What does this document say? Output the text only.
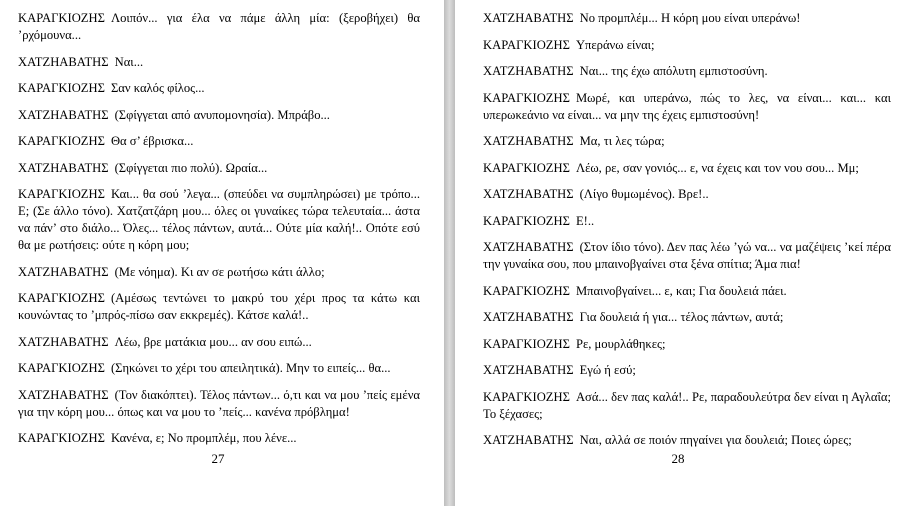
ΚΑΡΑΓΚΙΟΖΗΣ Λοιπόν... για έλα να πάμε άλλη μία: (ξεροβήχει) θα ’ρχόμουνα...

ΧΑΤΖΗΑΒΑΤΗΣ Ναι...

ΚΑΡΑΓΚΙΟΖΗΣ Σαν καλός φίλος...

ΧΑΤΖΗΑΒΑΤΗΣ (Σφίγγεται από ανυπομονησία). Μπράβο...

ΚΑΡΑΓΚΙΟΖΗΣ Θα σ’ έβρισκα...

ΧΑΤΖΗΑΒΑΤΗΣ (Σφίγγεται πιο πολύ). Ωραία...

ΚΑΡΑΓΚΙΟΖΗΣ Και... θα σού ’λεγα... (σπεύδει να συμπληρώσει) με τρόπο... Ε; (Σε άλλο τόνο). Χατζατζάρη μου... όλες οι γυναίκες τώρα τελευταία... άστα να πάν’ στο διάλο... Όλες... τέλος πάντων, αυτά... Ούτε μία καλή!.. Οπότε εσύ θα με ρωτήσεις: ούτε η κόρη μου;

ΧΑΤΖΗΑΒΑΤΗΣ (Με νόημα). Κι αν σε ρωτήσω κάτι άλλο;

ΚΑΡΑΓΚΙΟΖΗΣ (Αμέσως τεντώνει το μακρύ του χέρι προς τα κάτω και κουνώντας το ’μπρός-πίσω σαν εκκρεμές). Κάτσε καλά!..

ΧΑΤΖΗΑΒΑΤΗΣ Λέω, βρε ματάκια μου... αν σου ειπώ...

ΚΑΡΑΓΚΙΟΖΗΣ (Σηκώνει το χέρι του απειλητικά). Μην το ειπείς... θα...

ΧΑΤΖΗΑΒΑΤΗΣ (Τον διακόπτει). Τέλος πάντων... ό,τι και να μου ’πείς εμένα για την κόρη μου... όπως και να μου το ’πείς... κανένα πρόβλημα!

ΚΑΡΑΓΚΙΟΖΗΣ Κανένα, ε; Νο προμπλέμ, που λένε...

27

ΧΑΤΖΗΑΒΑΤΗΣ Νο προμπλέμ... Η κόρη μου είναι υπεράνω!

ΚΑΡΑΓΚΙΟΖΗΣ Υπεράνω είναι;

ΧΑΤΖΗΑΒΑΤΗΣ Ναι... της έχω απόλυτη εμπιστοσύνη.

ΚΑΡΑΓΚΙΟΖΗΣ Μωρέ, και υπεράνω, πώς το λες, να είναι... και... και υπερωκεάνιο να είναι... να μην της έχεις εμπιστοσύνη!

ΧΑΤΖΗΑΒΑΤΗΣ Μα, τι λες τώρα;

ΚΑΡΑΓΚΙΟΖΗΣ Λέω, ρε, σαν γονιός... ε, να έχεις και τον νου σου... Μμ;

ΧΑΤΖΗΑΒΑΤΗΣ (Λίγο θυμωμένος). Βρε!..

ΚΑΡΑΓΚΙΟΖΗΣ Ε!..

ΧΑΤΖΗΑΒΑΤΗΣ (Στον ίδιο τόνο). Δεν πας λέω ’γώ να... να μαζέψεις ’κεί πέρα την γυναίκα σου, που μπαινοβγαίνει στα ξένα σπίτια; Άμα πια!

ΚΑΡΑΓΚΙΟΖΗΣ Μπαινοβγαίνει... ε, και; Για δουλειά πάει.

ΧΑΤΖΗΑΒΑΤΗΣ Για δουλειά ή για... τέλος πάντων, αυτά;

ΚΑΡΑΓΚΙΟΖΗΣ Ρε, μουρλάθηκες;

ΧΑΤΖΗΑΒΑΤΗΣ Εγώ ή εσύ;

ΚΑΡΑΓΚΙΟΖΗΣ Ασά... δεν πας καλά!.. Ρε, παραδουλεύτρα δεν είναι η Αγλαΐα; Το ξέχασες;

ΧΑΤΖΗΑΒΑΤΗΣ Ναι, αλλά σε ποιόν πηγαίνει για δουλειά; Ποιες ώρες;

28
